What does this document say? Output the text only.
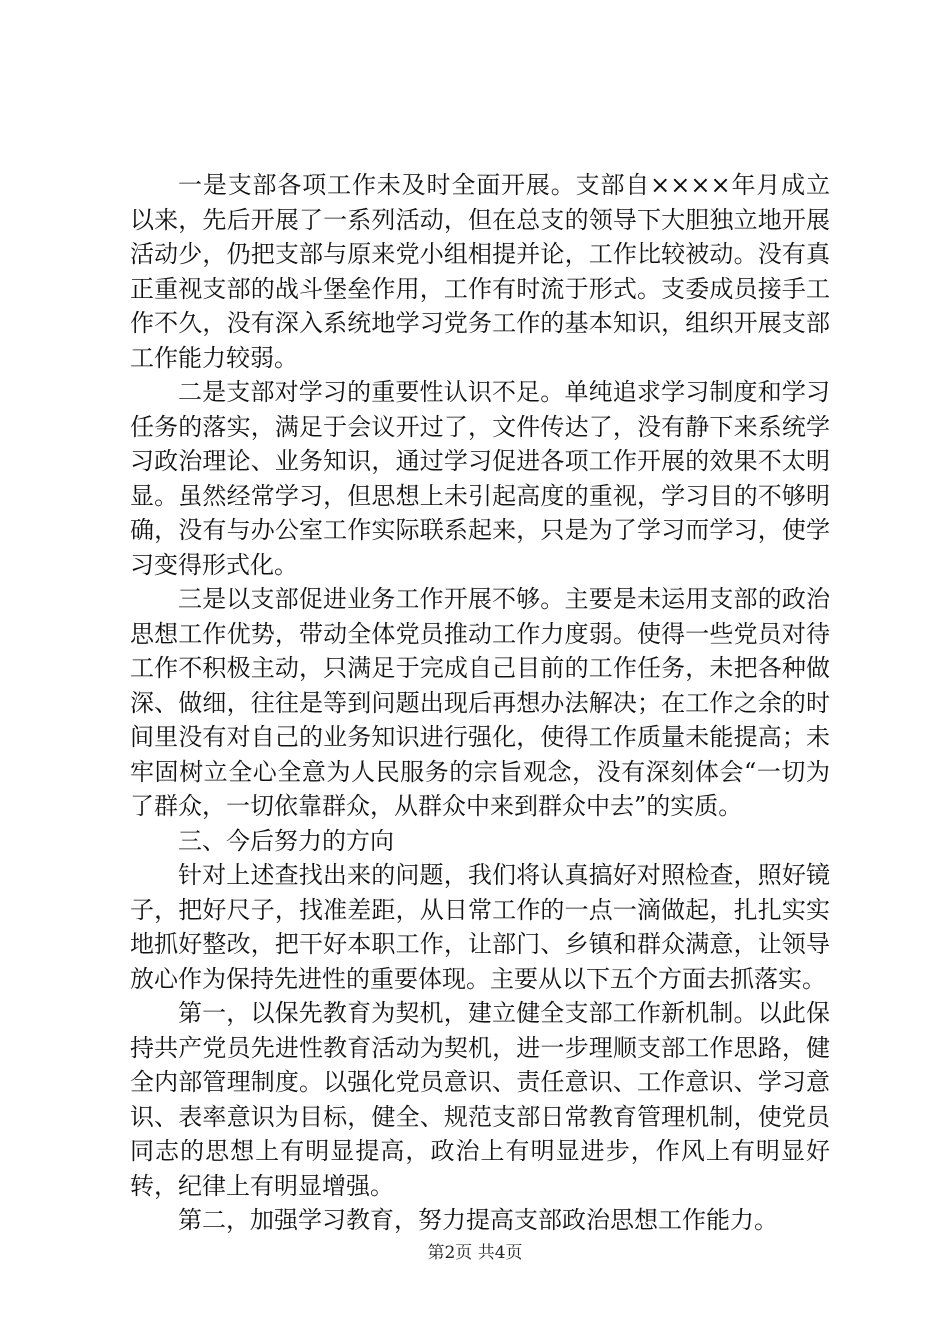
一是支部各项工作未及时全面开展。支部自××××年月成立以来，先后开展了一系列活动，但在总支的领导下大胆独立地开展活动少，仍把支部与原来党小组相提并论，工作比较被动。没有真正重视支部的战斗堡垒作用，工作有时流于形式。支委成员接手工作不久，没有深入系统地学习党务工作的基本知识，组织开展支部工作能力较弱。

二是支部对学习的重要性认识不足。单纯追求学习制度和学习任务的落实，满足于会议开过了，文件传达了，没有静下来系统学习政治理论、业务知识，通过学习促进各项工作开展的效果不太明显。虽然经常学习，但思想上未引起高度的重视，学习目的不够明确，没有与办公室工作实际联系起来，只是为了学习而学习，使学习变得形式化。

三是以支部促进业务工作开展不够。主要是未运用支部的政治思想工作优势，带动全体党员推动工作力度弱。使得一些党员对待工作不积极主动，只满足于完成自己目前的工作任务，未把各种做深、做细，往往是等到问题出现后再想办法解决；在工作之余的时间里没有对自己的业务知识进行强化，使得工作质量未能提高；未牢固树立全心全意为人民服务的宗旨观念，没有深刻体会“一切为了群众，一切依靠群众，从群众中来到群众中去”的实质。

三、今后努力的方向

针对上述查找出来的问题，我们将认真搞好对照检查，照好镜子，把好尺子，找准差距，从日常工作的一点一滴做起，扎扎实实地抓好整改，把干好本职工作，让部门、乡镇和群众满意，让领导放心作为保持先进性的重要体现。主要从以下五个方面去抓落实。

第一，以保先教育为契机，建立健全支部工作新机制。以此保持共产党员先进性教育活动为契机，进一步理顺支部工作思路，健全内部管理制度。以强化党员意识、责任意识、工作意识、学习意识、表率意识为目标，健全、规范支部日常教育管理机制，使党员同志的思想上有明显提高，政治上有明显进步，作风上有明显好转，纪律上有明显增强。

第二，加强学习教育，努力提高支部政治思想工作能力。

第2页 共4页
